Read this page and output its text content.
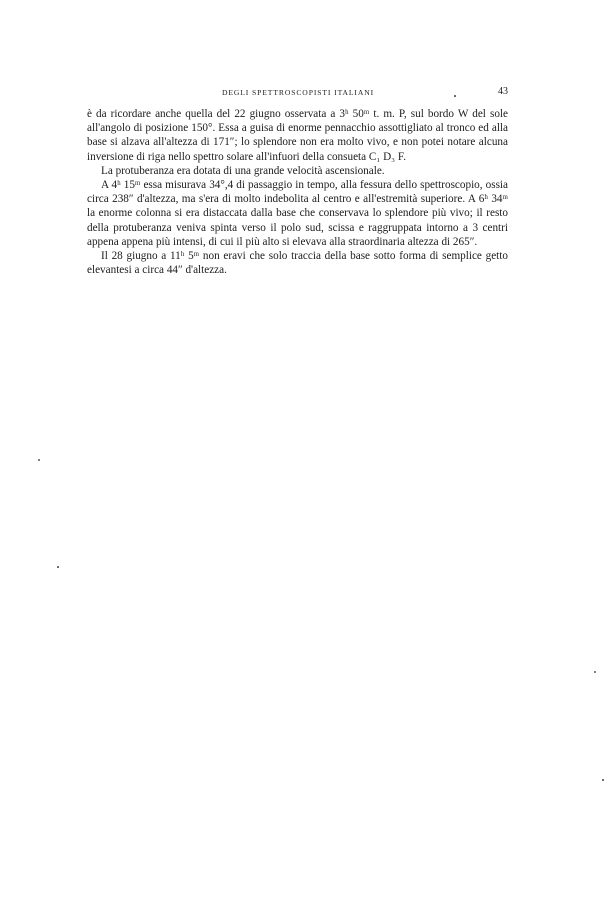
DEGLI SPETTROSCOPISTI ITALIANI	43

è da ricordare anche quella del 22 giugno osservata a 3ʰ 50ᵐ t. m. P, sul bordo W del sole all'angolo di posizione 150°. Essa a guisa di enorme pennacchio assottigliato al tronco ed alla base si alzava all'altezza di 171″; lo splendore non era molto vivo, e non potei notare alcuna inversione di riga nello spettro solare all'infuori della consueta C₁ D₃ F.

La protuberanza era dotata di una grande velocità ascensionale.

A 4ʰ 15ᵐ essa misurava 34°,4 di passaggio in tempo, alla fessura dello spettroscopio, ossia circa 238″ d'altezza, ma s'era di molto indebolita al centro e all'estremità superiore. A 6ʰ 34ᵐ la enorme colonna si era distaccata dalla base che conservava lo splendore più vivo; il resto della protuberanza veniva spinta verso il polo sud, scissa e raggruppata intorno a 3 centri appena appena più intensi, di cui il più alto si elevava alla straordinaria altezza di 265″.

Il 28 giugno a 11ʰ 5ᵐ non eravi che solo traccia della base sotto forma di semplice getto elevantesi a circa 44″ d'altezza.
